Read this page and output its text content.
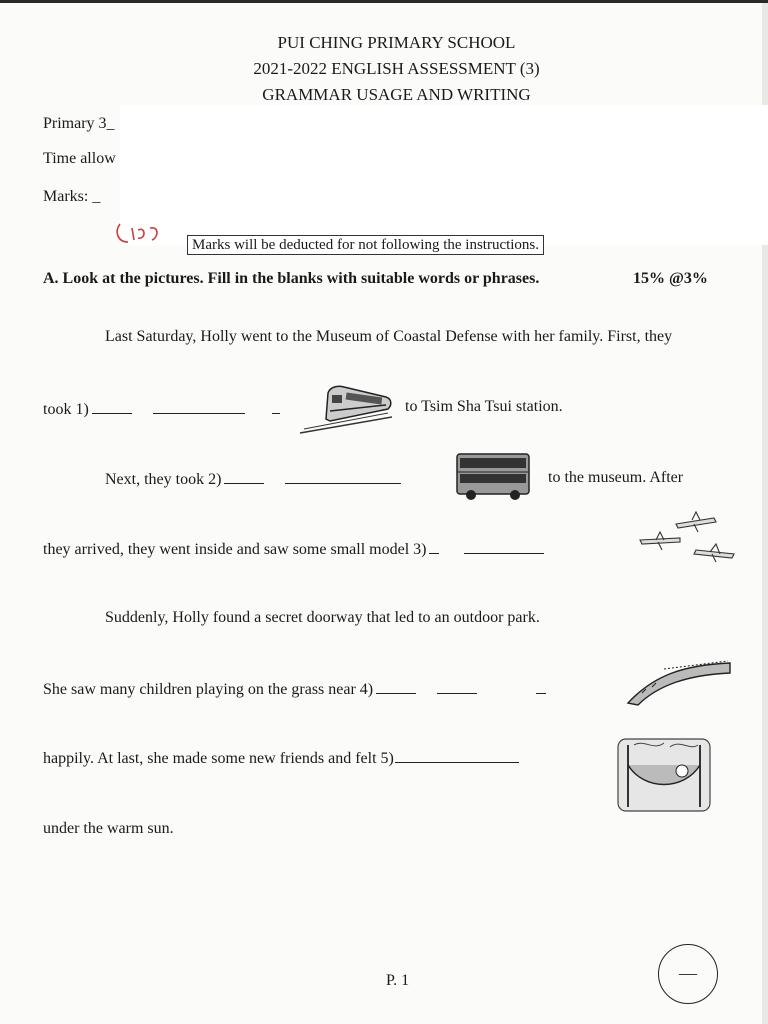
PUI CHING PRIMARY SCHOOL
2021-2022 ENGLISH ASSESSMENT (3)
GRAMMAR USAGE AND WRITING
Primary 3_
Time allow
Marks: _
Marks will be deducted for not following the instructions.
A. Look at the pictures. Fill in the blanks with suitable words or phrases.	15% @3%
Last Saturday, Holly went to the Museum of Coastal Defense with her family. First, they
took 1)	to Tsim Sha Tsui station.
Next, they took 2)	to the museum. After
they arrived, they went inside and saw some small model 3)
Suddenly, Holly found a secret doorway that led to an outdoor park.
She saw many children playing on the grass near 4)
happily. At last, she made some new friends and felt 5)
under the warm sun.
P. 1	—
